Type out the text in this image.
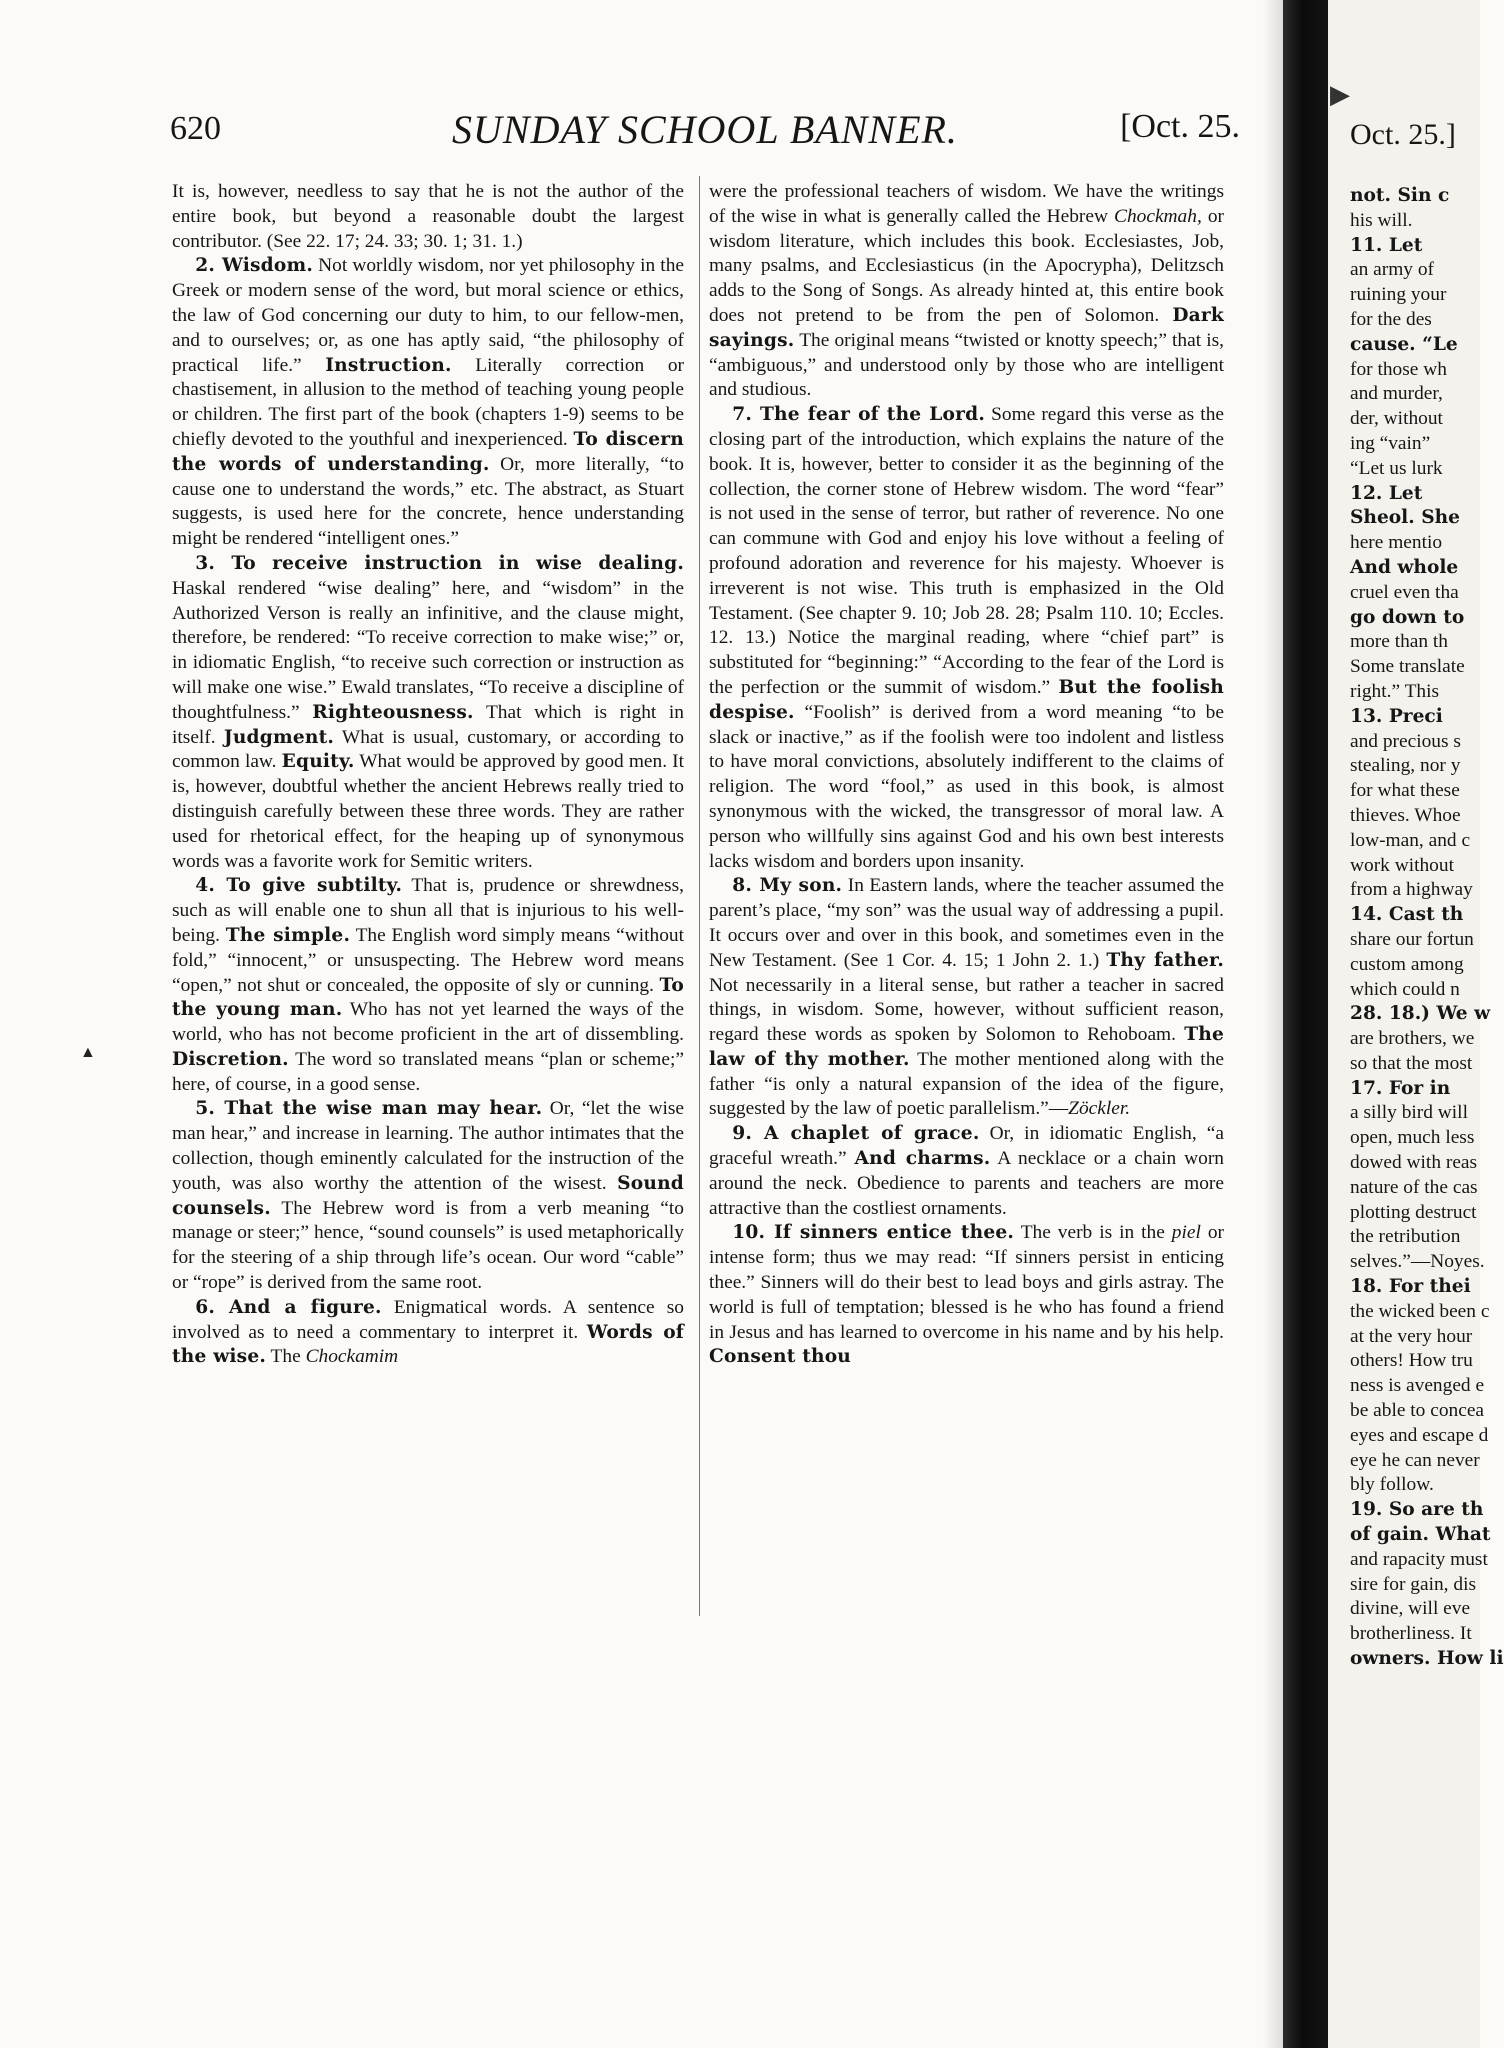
620	SUNDAY SCHOOL BANNER.	[Oct. 25.

It is, however, needless to say that he is not the author of the entire book, but beyond a reasonable doubt the largest contributor. (See 22. 17; 24. 33; 30. 1; 31. 1.)

2. Wisdom. Not worldly wisdom, nor yet philosophy in the Greek or modern sense of the word, but moral science or ethics, the law of God concerning our duty to him, to our fellow-men, and to ourselves; or, as one has aptly said, “the philosophy of practical life.” Instruction. Literally correction or chastisement, in allusion to the method of teaching young people or children. The first part of the book (chapters 1-9) seems to be chiefly devoted to the youthful and inexperienced. To discern the words of understanding. Or, more literally, “to cause one to understand the words,” etc. The abstract, as Stuart suggests, is used here for the concrete, hence understanding might be rendered “intelligent ones.”

3. To receive instruction in wise dealing. Haskal rendered “wise dealing” here, and “wisdom” in the Authorized Verson is really an infinitive, and the clause might, therefore, be rendered: “To receive correction to make wise;” or, in idiomatic English, “to receive such correction or instruction as will make one wise.” Ewald translates, “To receive a discipline of thoughtfulness.” Righteousness. That which is right in itself. Judgment. What is usual, customary, or according to common law. Equity. What would be approved by good men. It is, however, doubtful whether the ancient Hebrews really tried to distinguish carefully between these three words. They are rather used for rhetorical effect, for the heaping up of synonymous words was a favorite work for Semitic writers.

4. To give subtilty. That is, prudence or shrewdness, such as will enable one to shun all that is injurious to his well-being. The simple. The English word simply means “without fold,” “innocent,” or unsuspecting. The Hebrew word means “open,” not shut or concealed, the opposite of sly or cunning. To the young man. Who has not yet learned the ways of the world, who has not become proficient in the art of dissembling. Discretion. The word so translated means “plan or scheme;” here, of course, in a good sense.

5. That the wise man may hear. Or, “let the wise man hear,” and increase in learning. The author intimates that the collection, though eminently calculated for the instruction of the youth, was also worthy the attention of the wisest. Sound counsels. The Hebrew word is from a verb meaning “to manage or steer;” hence, “sound counsels” is used metaphorically for the steering of a ship through life’s ocean. Our word “cable” or “rope” is derived from the same root.

6. And a figure. Enigmatical words. A sentence so involved as to need a commentary to interpret it. Words of the wise. The Chockamim

were the professional teachers of wisdom. We have the writings of the wise in what is generally called the Hebrew Chockmah, or wisdom literature, which includes this book. Ecclesiastes, Job, many psalms, and Ecclesiasticus (in the Apocrypha), Delitzsch adds to the Song of Songs. As already hinted at, this entire book does not pretend to be from the pen of Solomon. Dark sayings. The original means “twisted or knotty speech;” that is, “ambiguous,” and understood only by those who are intelligent and studious.

7. The fear of the Lord. Some regard this verse as the closing part of the introduction, which explains the nature of the book. It is, however, better to consider it as the beginning of the collection, the corner stone of Hebrew wisdom. The word “fear” is not used in the sense of terror, but rather of reverence. No one can commune with God and enjoy his love without a feeling of profound adoration and reverence for his majesty. Whoever is irreverent is not wise. This truth is emphasized in the Old Testament. (See chapter 9. 10; Job 28. 28; Psalm 110. 10; Eccles. 12. 13.) Notice the marginal reading, where “chief part” is substituted for “beginning:” “According to the fear of the Lord is the perfection or the summit of wisdom.” But the foolish despise. “Foolish” is derived from a word meaning “to be slack or inactive,” as if the foolish were too indolent and listless to have moral convictions, absolutely indifferent to the claims of religion. The word “fool,” as used in this book, is almost synonymous with the wicked, the transgressor of moral law. A person who willfully sins against God and his own best interests lacks wisdom and borders upon insanity.

8. My son. In Eastern lands, where the teacher assumed the parent’s place, “my son” was the usual way of addressing a pupil. It occurs over and over in this book, and sometimes even in the New Testament. (See 1 Cor. 4. 15; 1 John 2. 1.) Thy father. Not necessarily in a literal sense, but rather a teacher in sacred things, in wisdom. Some, however, without sufficient reason, regard these words as spoken by Solomon to Rehoboam. The law of thy mother. The mother mentioned along with the father “is only a natural expansion of the idea of the figure, suggested by the law of poetic parallelism.”—Zöckler.

9. A chaplet of grace. Or, in idiomatic English, “a graceful wreath.” And charms. A necklace or a chain worn around the neck. Obedience to parents and teachers are more attractive than the costliest ornaments.

10. If sinners entice thee. The verb is in the piel or intense form; thus we may read: “If sinners persist in enticing thee.” Sinners will do their best to lead boys and girls astray. The world is full of temptation; blessed is he who has found a friend in Jesus and has learned to overcome in his name and by his help. Consent thou

▲
▶
Oct. 25.]
not. Sin c
his will.
11. Let
an army of
ruining your
for the des
cause. “Le
for those wh
and murder,
der, without
ing “vain”
“Let us lurk
12. Let
Sheol. She
here mentio
And whole
cruel even tha
go down to
more than th
Some translate
right.” This
13. Preci
and precious s
stealing, nor y
for what these
thieves. Whoe
low-man, and c
work without
from a highway
14. Cast th
share our fortun
custom among
which could n
28. 18.) We w
are brothers, we
so that the most
17. For in
a silly bird will
open, much less
dowed with reas
nature of the cas
plotting destruct
the retribution
selves.”—Noyes.
18. For thei
the wicked been c
at the very hour
others! How tru
ness is avenged e
be able to concea
eyes and escape d
eye he can never
bly follow.
19. So are th
of gain. What
and rapacity must
sire for gain, dis
divine, will eve
brotherliness. It
owners. How li
